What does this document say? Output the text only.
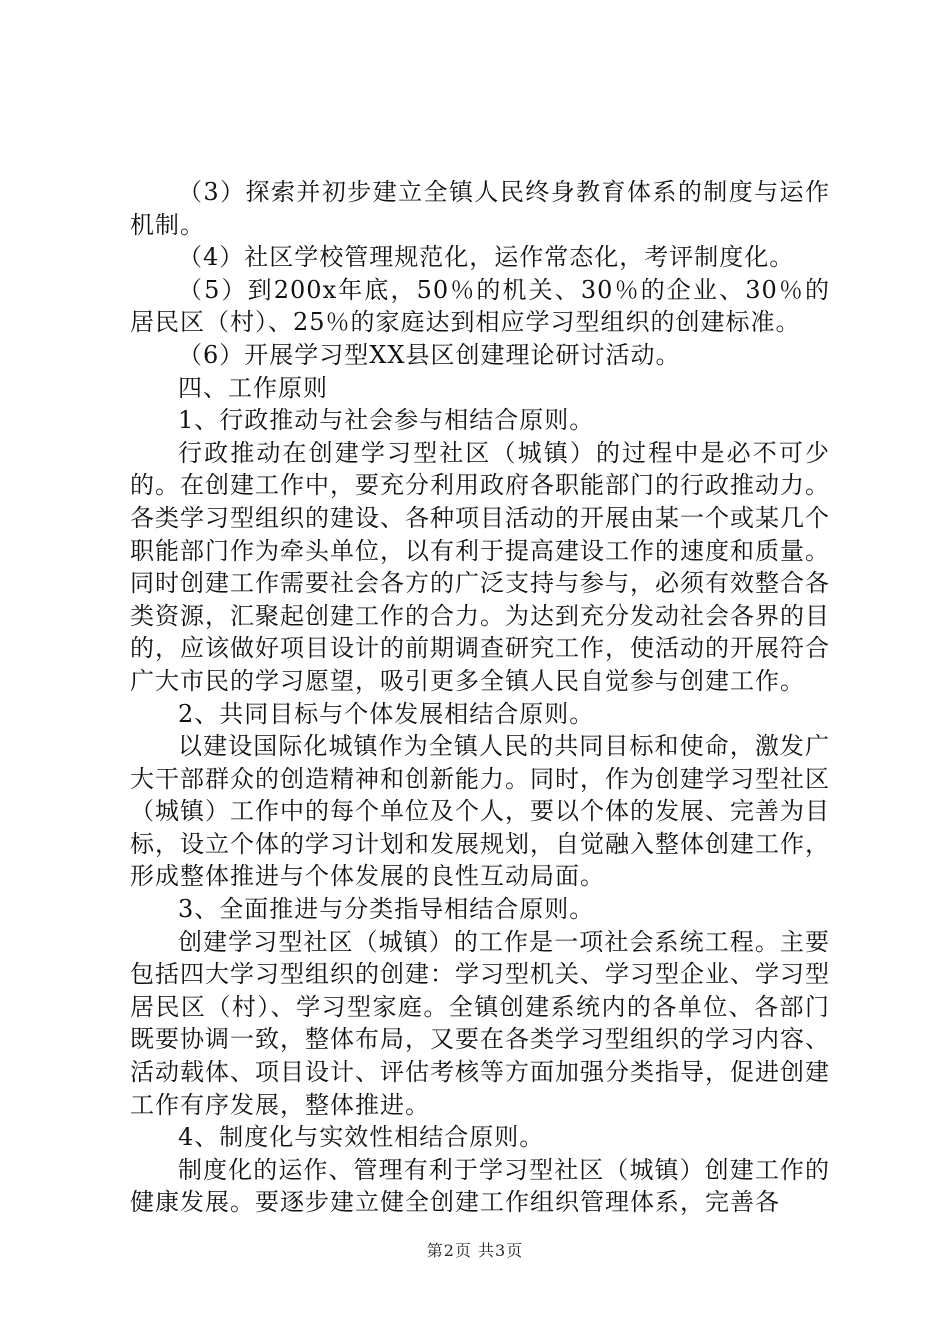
（3）探索并初步建立全镇人民终身教育体系的制度与运作机制。

（4）社区学校管理规范化，运作常态化，考评制度化。

（5）到200x年底，50％的机关、30％的企业、30％的居民区（村）、25％的家庭达到相应学习型组织的创建标准。

（6）开展学习型XX县区创建理论研讨活动。

四、工作原则

1、行政推动与社会参与相结合原则。

行政推动在创建学习型社区（城镇）的过程中是必不可少的。在创建工作中，要充分利用政府各职能部门的行政推动力。各类学习型组织的建设、各种项目活动的开展由某一个或某几个职能部门作为牵头单位，以有利于提高建设工作的速度和质量。同时创建工作需要社会各方的广泛支持与参与，必须有效整合各类资源，汇聚起创建工作的合力。为达到充分发动社会各界的目的，应该做好项目设计的前期调查研究工作，使活动的开展符合广大市民的学习愿望，吸引更多全镇人民自觉参与创建工作。

2、共同目标与个体发展相结合原则。

以建设国际化城镇作为全镇人民的共同目标和使命，激发广大干部群众的创造精神和创新能力。同时，作为创建学习型社区（城镇）工作中的每个单位及个人，要以个体的发展、完善为目标，设立个体的学习计划和发展规划，自觉融入整体创建工作，形成整体推进与个体发展的良性互动局面。

3、全面推进与分类指导相结合原则。

创建学习型社区（城镇）的工作是一项社会系统工程。主要包括四大学习型组织的创建：学习型机关、学习型企业、学习型居民区（村）、学习型家庭。全镇创建系统内的各单位、各部门既要协调一致，整体布局，又要在各类学习型组织的学习内容、活动载体、项目设计、评估考核等方面加强分类指导，促进创建工作有序发展，整体推进。

4、制度化与实效性相结合原则。

制度化的运作、管理有利于学习型社区（城镇）创建工作的健康发展。要逐步建立健全创建工作组织管理体系，完善各

第2页 共3页
